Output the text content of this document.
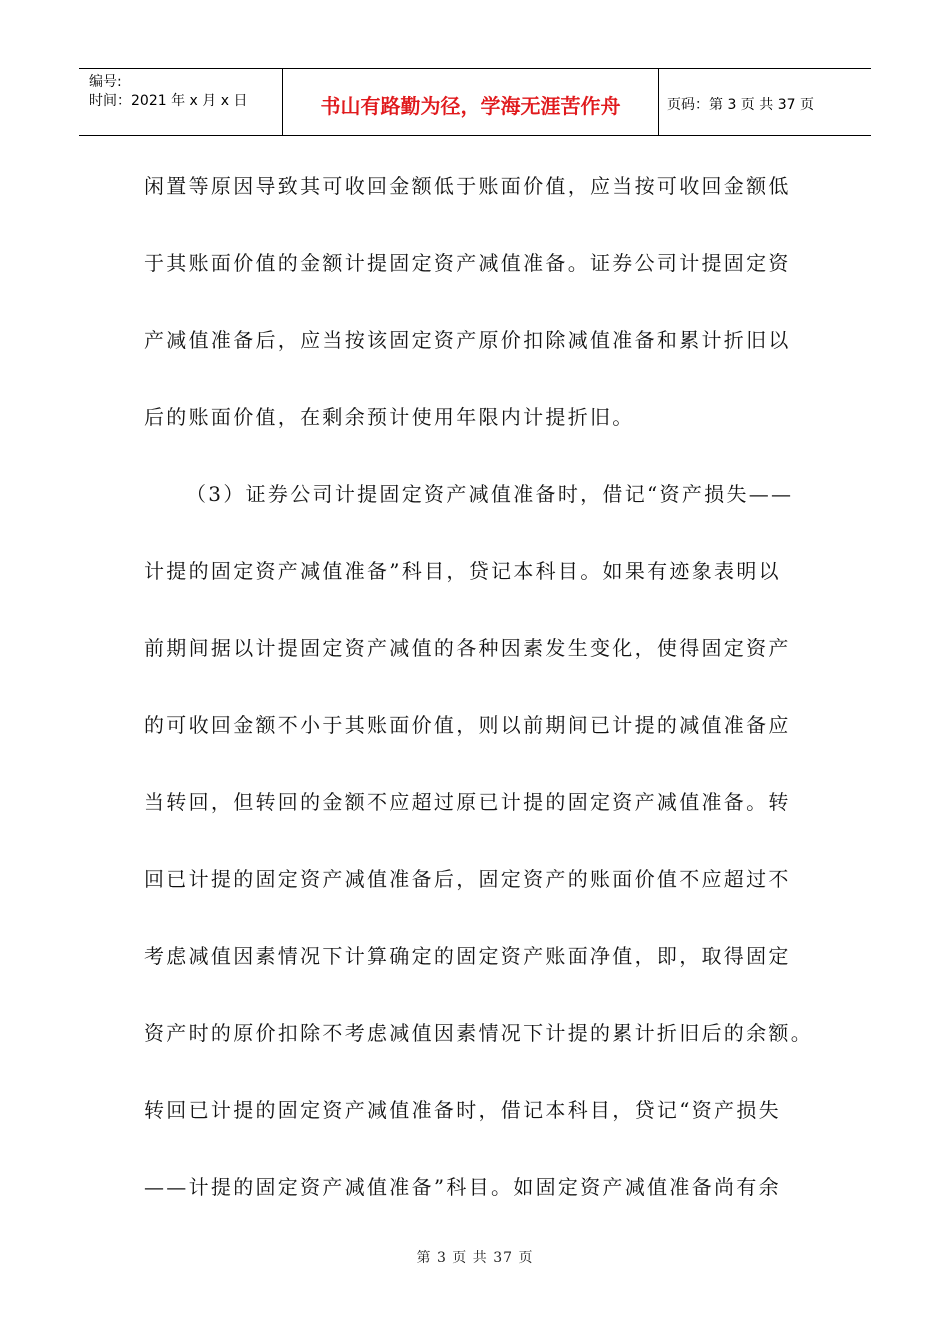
编号:
时间：2021 年 x 月 x 日	书山有路勤为径，学海无涯苦作舟	页码：第 3 页 共 37 页
闲置等原因导致其可收回金额低于账面价值，应当按可收回金额低
于其账面价值的金额计提固定资产减值准备。证券公司计提固定资
产减值准备后，应当按该固定资产原价扣除减值准备和累计折旧以
后的账面价值，在剩余预计使用年限内计提折旧。
（3）证券公司计提固定资产减值准备时，借记“资产损失——
计提的固定资产减值准备”科目，贷记本科目。如果有迹象表明以
前期间据以计提固定资产减值的各种因素发生变化，使得固定资产
的可收回金额不小于其账面价值，则以前期间已计提的减值准备应
当转回，但转回的金额不应超过原已计提的固定资产减值准备。转
回已计提的固定资产减值准备后，固定资产的账面价值不应超过不
考虑减值因素情况下计算确定的固定资产账面净值，即，取得固定
资产时的原价扣除不考虑减值因素情况下计提的累计折旧后的余额。
转回已计提的固定资产减值准备时，借记本科目，贷记“资产损失
——计提的固定资产减值准备”科目。如固定资产减值准备尚有余
第 3 页 共 37 页
